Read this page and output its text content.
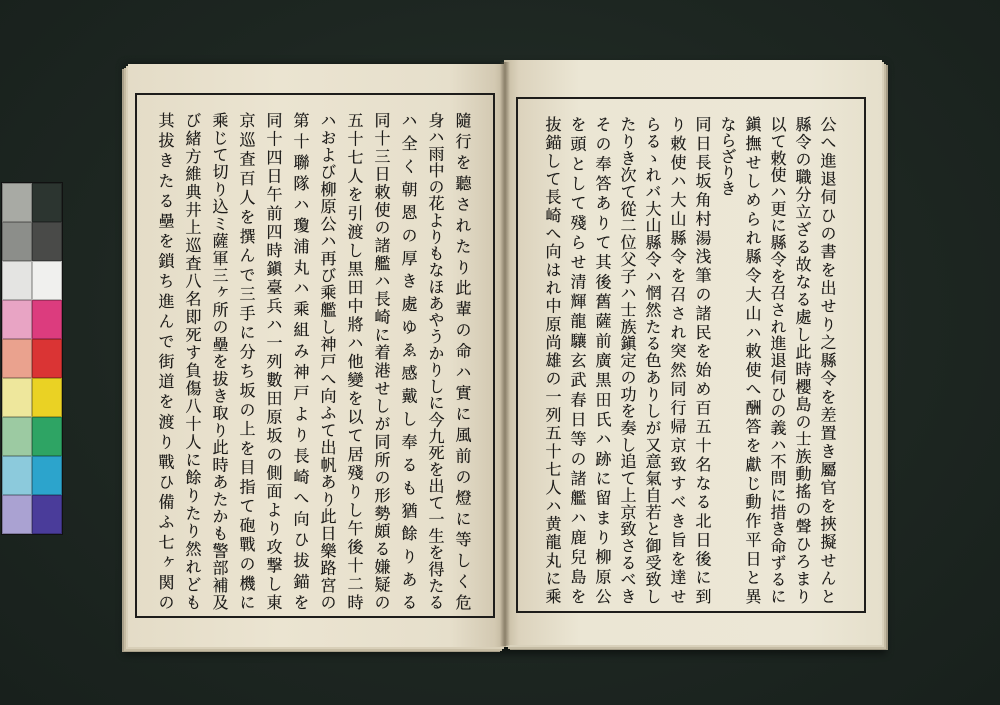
公へ進退伺ひの書を出せり之縣令を差置き屬官を挾擬せんと
縣令の職分立ざる故なる處し此時櫻島の士族動搖の聲ひろまり
以て敕使ハ更に縣令を召され進退伺ひの義ハ不問に措き命ずるに
鎭撫せしめられ縣令大山ハ敕使へ酬答を獻じ動作平日と異
ならざりき
同日長坂角村湯浅筆の諸民を始め百五十名なる北日後に到
り敕使ハ大山縣令を召され突然同行帰京致すべき旨を達せ
らるゝれバ大山縣令ハ惘然たる色ありしが又意氣自若と御受致し
たりき次て從二位父子ハ士族鎭定の功を奏し追て上京致さるべき
その奉答ありて其後舊薩前廣黒田氏ハ跡に留まり柳原公
を頭として殘らせ清輝龍驤玄武春日等の諸艦ハ鹿兒島を
抜錨して長崎へ向はれ中原尚雄の一列五十七人ハ黄龍丸に乘
隨行を聽されたり此輩の命ハ實に風前の燈に等しく危
身ハ雨中の花よりもなほあやうかりしに今九死を出て一生を得たる
ハ全く朝恩の厚き處ゆゑ感戴し奉るも猶餘りある
同十三日敕使の諸艦ハ長崎に着港せしが同所の形勢頗る嫌疑の
五十七人を引渡し黒田中將ハ他變を以て居殘りし午後十二時
ハおよび柳原公ハ再び乘艦し神戸へ向ふて出帆あり此日樂路宮の
第十聯隊ハ瓊浦丸ハ乘組み神戸より長崎へ向ひ拔錨を
同十四日午前四時鎭臺兵ハ一列數田原坂の側面より攻撃し東
京巡査百人を撰んで三手に分ち坂の上を目指て砲戰の機に
乘じて切り込ミ薩軍三ヶ所の壘を拔き取り此時あたかも警部補及
び緒方維典井上巡査八名即死す負傷八十人に餘りたり然れども
其拔きたる壘を鎖ち進んで街道を渡り戰ひ備ふ七ヶ関の
